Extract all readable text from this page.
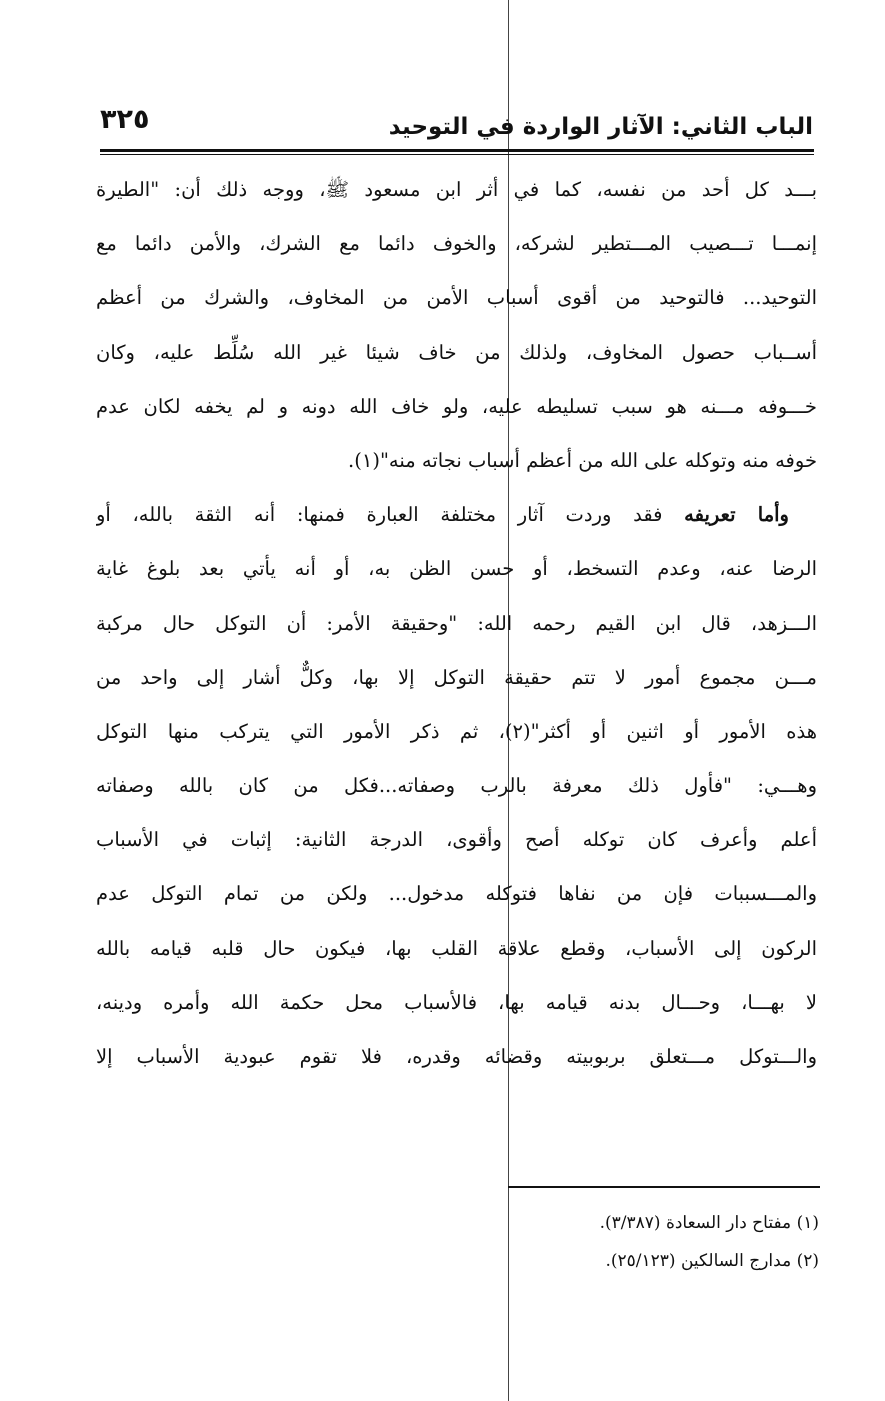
الباب الثاني: الآثار الواردة في التوحيد
٣٢٥
بـــد كل أحد من نفسه، كما في أثر ابن مسعود ﷺ، ووجه ذلك أن: "الطيرة
إنمـــا تـــصيب المـــتطير لشركه، والخوف دائما مع الشرك، والأمن دائما مع
التوحيد... فالتوحيد من أقوى أسباب الأمن من المخاوف، والشرك من أعظم
أســباب حصول المخاوف، ولذلك من خاف شيئا غير الله سُلِّط عليه، وكان
خـــوفه مـــنه هو سبب تسليطه عليه، ولو خاف الله دونه و لم يخفه لكان عدم
خوفه منه وتوكله على الله من أعظم أسباب نجاته منه"(١).
وأما تعريفه فقد وردت آثار مختلفة العبارة فمنها: أنه الثقة بالله، أو
الرضا عنه، وعدم التسخط، أو حسن الظن به، أو أنه يأتي بعد بلوغ غاية
الـــزهد، قال ابن القيم رحمه الله: "وحقيقة الأمر: أن التوكل حال مركبة
مـــن مجموع أمور لا تتم حقيقة التوكل إلا بها، وكلٌّ أشار إلى واحد من
هذه الأمور أو اثنين أو أكثر"(٢)، ثم ذكر الأمور التي يتركب منها التوكل
وهـــي: "فأول ذلك معرفة بالرب وصفاته...فكل من كان بالله وصفاته
أعلم وأعرف كان توكله أصح وأقوى، الدرجة الثانية: إثبات في الأسباب
والمـــسببات فإن من نفاها فتوكله مدخول... ولكن من تمام التوكل عدم
الركون إلى الأسباب، وقطع علاقة القلب بها، فيكون حال قلبه قيامه بالله
لا بهـــا، وحـــال بدنه قيامه بها، فالأسباب محل حكمة الله وأمره ودينه،
والـــتوكل مـــتعلق بربوبيته وقضائه وقدره، فلا تقوم عبودية الأسباب إلا
(١) مفتاح دار السعادة (٣/٣٨٧).
(٢) مدارج السالكين (٢٥/١٢٣).
